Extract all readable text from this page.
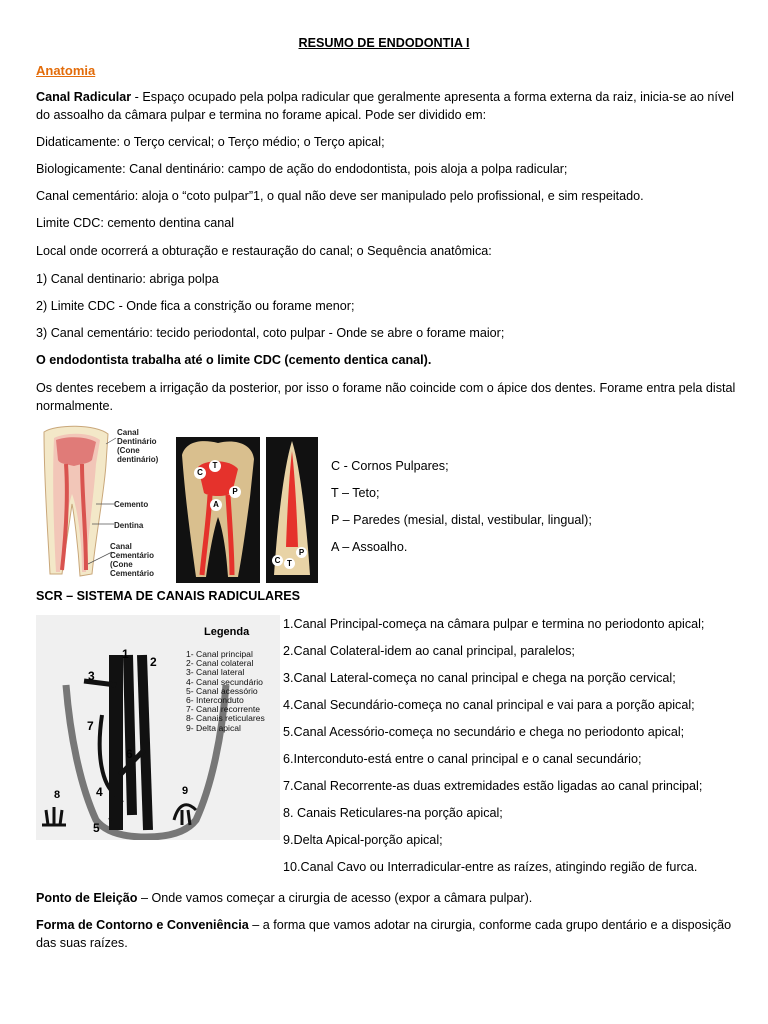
RESUMO DE ENDODONTIA I
Anatomia
Canal Radicular - Espaço ocupado pela polpa radicular que geralmente apresenta a forma externa da raiz, inicia-se ao nível do assoalho da câmara pulpar e termina no forame apical. Pode ser dividido em:
Didaticamente: o Terço cervical; o Terço médio; o Terço apical;
Biologicamente: Canal dentinário: campo de ação do endodontista, pois aloja a polpa radicular;
Canal cementário: aloja o “coto pulpar”1, o qual não deve ser manipulado pelo profissional, e sim respeitado.
Limite CDC: cemento dentina canal
Local onde ocorrerá a obturação e restauração do canal; o Sequência anatômica:
1) Canal dentinario: abriga polpa
2) Limite CDC - Onde fica a constrição ou forame menor;
3) Canal cementário: tecido periodontal, coto pulpar - Onde se abre o forame maior;
O endodontista trabalha até o limite CDC (cemento dentica canal).
Os dentes recebem a irrigação da posterior, por isso o forame não coincide com o ápice dos dentes. Forame entra pela distal normalmente.
Canal Dentinário (Cone dentinário)
Cemento
Dentina
Canal Cementário (Cone Cementário
C
T
P
A
C T
P
C - Cornos Pulpares;
T – Teto;
P – Paredes (mesial, distal, vestibular, lingual);
A – Assoalho.
SCR – SISTEMA DE CANAIS RADICULARES
1
2
3
4
5
6
7
8	9
Legenda
1- Canal principal
2- Canal colateral
3- Canal lateral
4- Canal secundário
5- Canal acessório
6- Interconduto
7- Canal recorrente
8- Canais reticulares
9- Delta apical
1.Canal Principal-começa na câmara pulpar e termina no periodonto apical;
2.Canal Colateral-idem ao canal principal, paralelos;
3.Canal Lateral-começa no canal principal e chega na porção cervical;
4.Canal Secundário-começa no canal principal e vai para a porção apical;
5.Canal Acessório-começa no secundário e chega no periodonto apical;
6.Interconduto-está entre o canal principal e o canal secundário;
7.Canal Recorrente-as duas extremidades estão ligadas ao canal principal;
8. Canais Reticulares-na porção apical;
9.Delta Apical-porção apical;
10.Canal Cavo ou Interradicular-entre as raízes, atingindo região de furca.
Ponto de Eleição – Onde vamos começar a cirurgia de acesso (expor a câmara pulpar).
Forma de Contorno e Conveniência – a forma que vamos adotar na cirurgia, conforme cada grupo dentário e a disposição das suas raízes.
